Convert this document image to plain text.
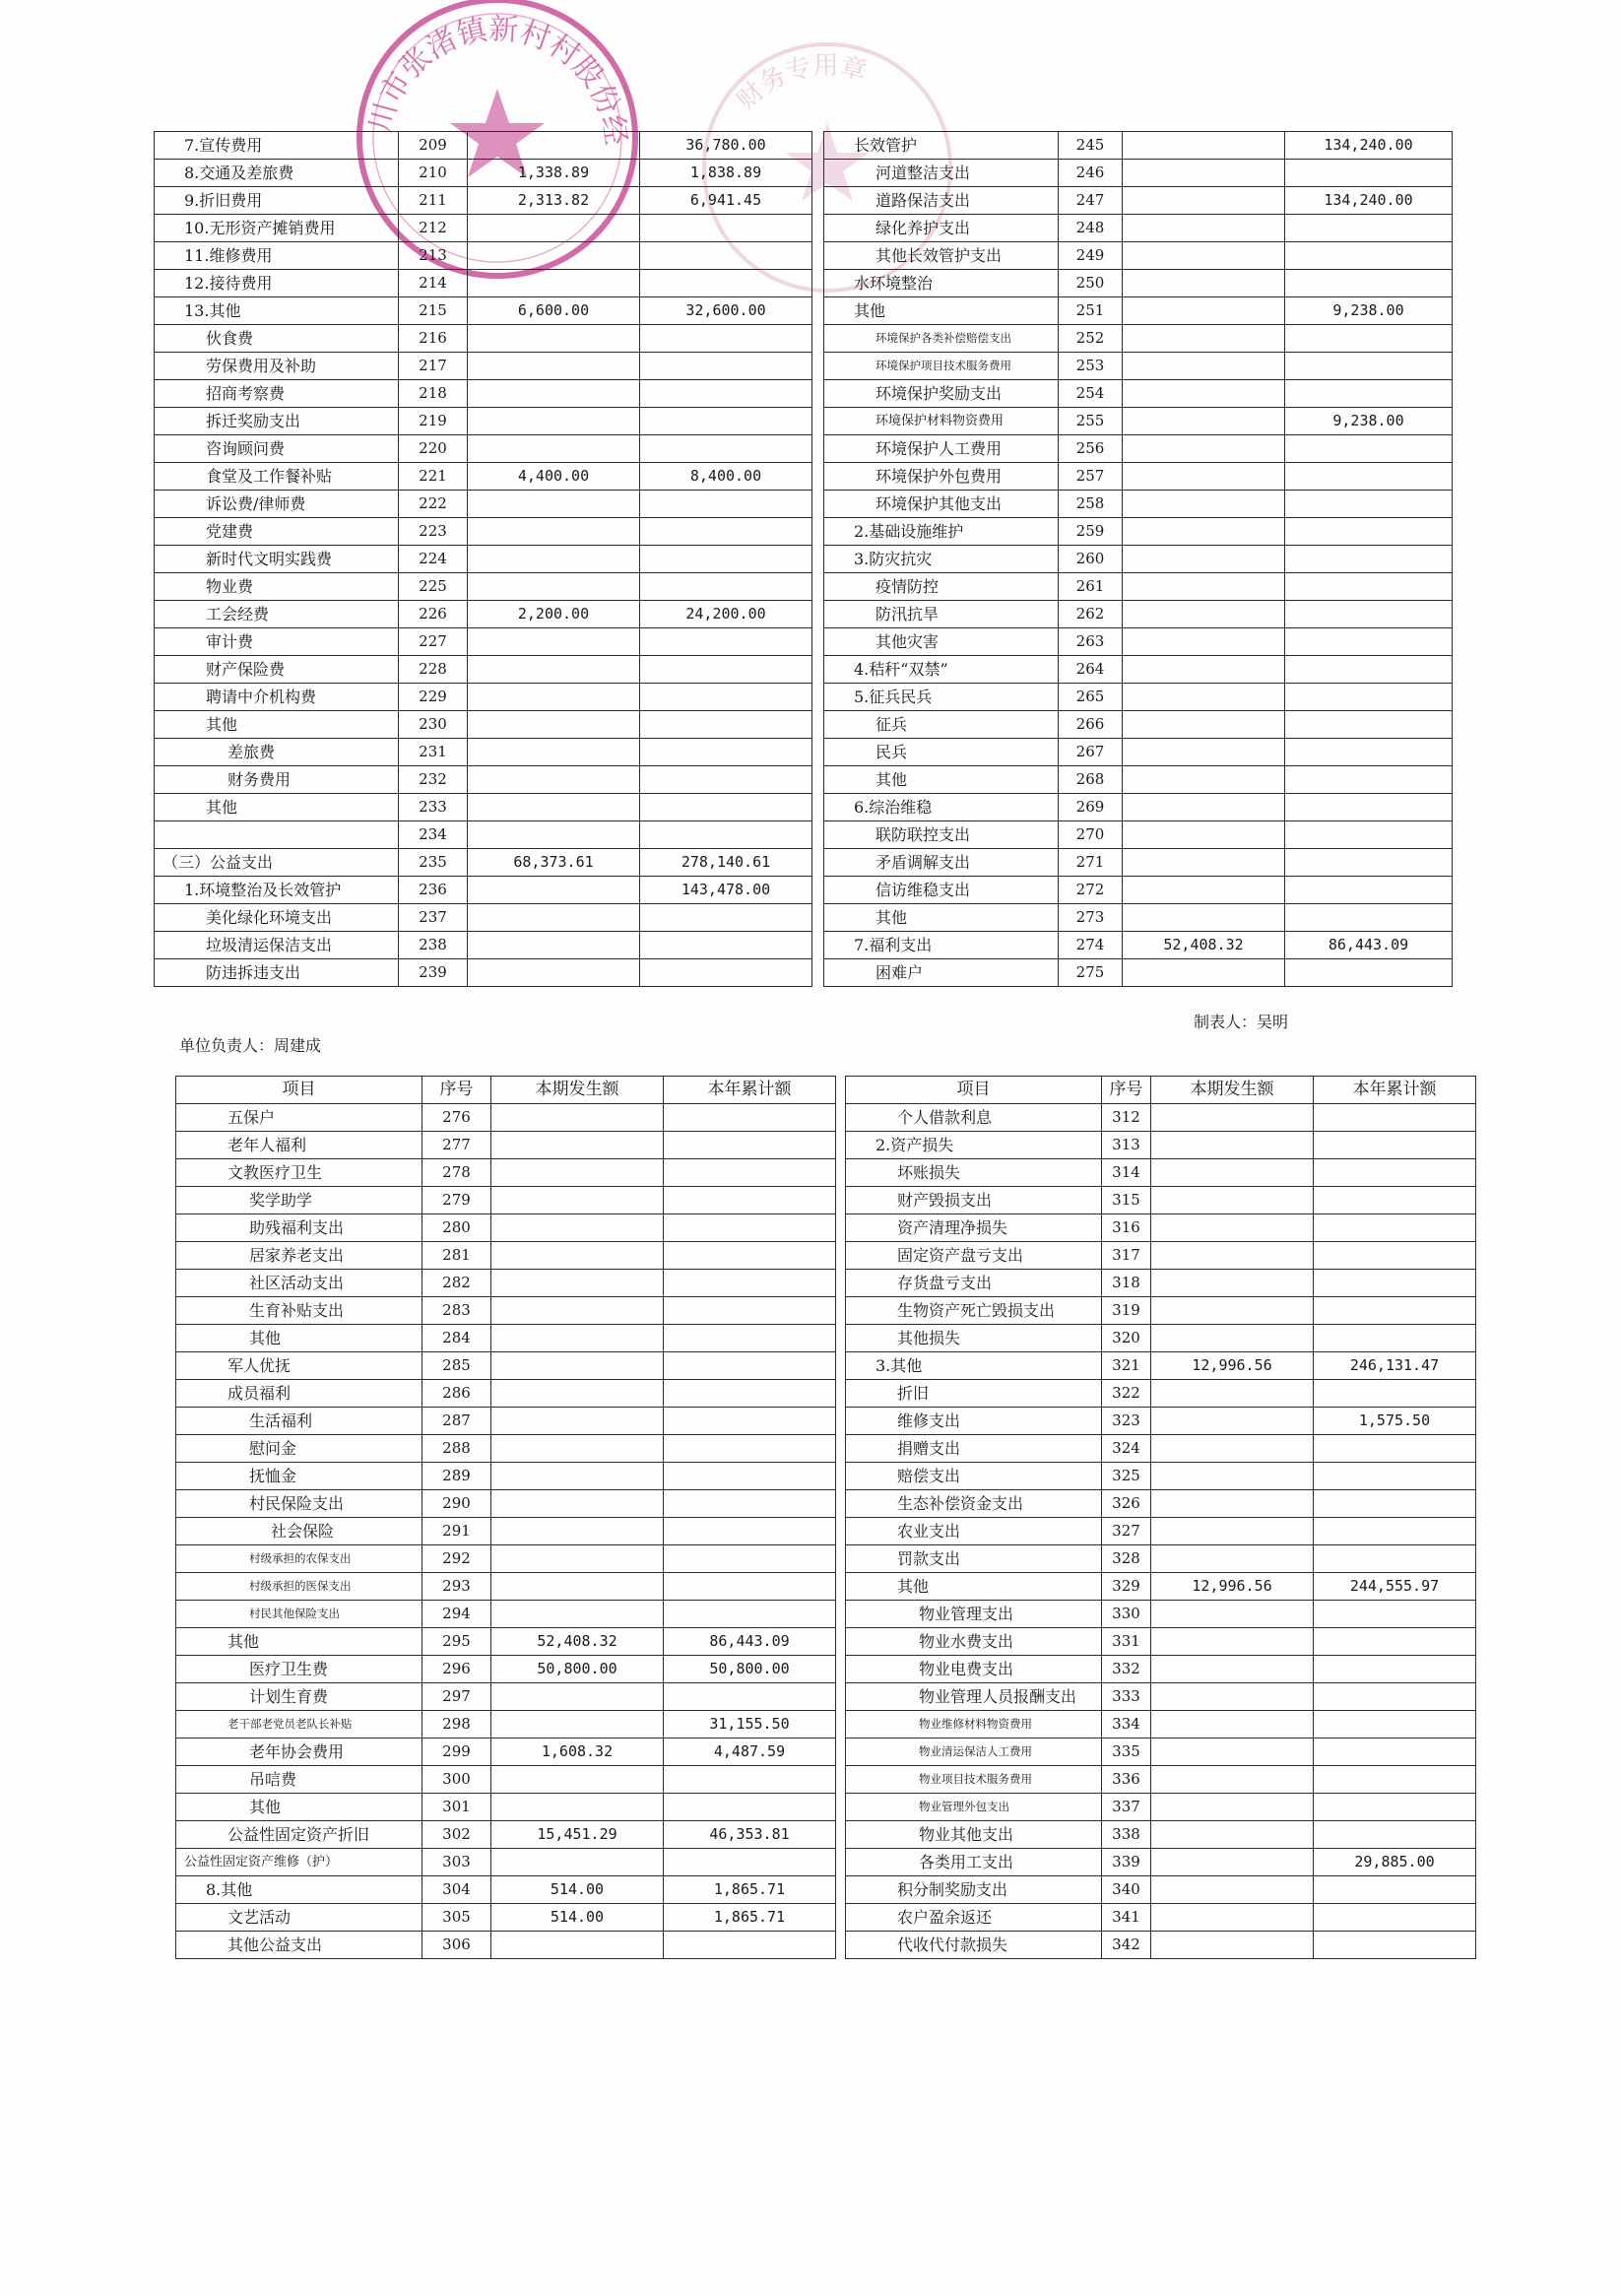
川市张渚镇新村村股份经
财务专用章
7.宣传费用	209		36,780.00		长效管护	245		134,240.00
8.交通及差旅费	210	1,338.89	1,838.89		河道整洁支出	246		
9.折旧费用	211	2,313.82	6,941.45		道路保洁支出	247		134,240.00
10.无形资产摊销费用	212				绿化养护支出	248		
11.维修费用	213				其他长效管护支出	249		
12.接待费用	214				水环境整治	250		
13.其他	215	6,600.00	32,600.00		其他	251		9,238.00
伙食费	216				环境保护各类补偿赔偿支出	252		
劳保费用及补助	217				环境保护项目技术服务费用	253		
招商考察费	218				环境保护奖励支出	254		
拆迁奖励支出	219				环境保护材料物资费用	255		9,238.00
咨询顾问费	220				环境保护人工费用	256		
食堂及工作餐补贴	221	4,400.00	8,400.00		环境保护外包费用	257		
诉讼费/律师费	222				环境保护其他支出	258		
党建费	223				2.基础设施维护	259		
新时代文明实践费	224				3.防灾抗灾	260		
物业费	225				疫情防控	261		
工会经费	226	2,200.00	24,200.00		防汛抗旱	262		
审计费	227				其他灾害	263		
财产保险费	228				4.秸秆“双禁”	264		
聘请中介机构费	229				5.征兵民兵	265		
其他	230				征兵	266		
差旅费	231				民兵	267		
财务费用	232				其他	268		
其他	233				6.综治维稳	269		
	234				联防联控支出	270		
（三）公益支出	235	68,373.61	278,140.61		矛盾调解支出	271		
1.环境整治及长效管护	236		143,478.00		信访维稳支出	272		
美化绿化环境支出	237				其他	273		
垃圾清运保洁支出	238				7.福利支出	274	52,408.32	86,443.09
防违拆违支出	239				困难户	275		
单位负责人：周建成
制表人：吴明
项目	序号	本期发生额	本年累计额		项目	序号	本期发生额	本年累计额
五保户	276				个人借款利息	312		
老年人福利	277				2.资产损失	313		
文教医疗卫生	278				坏账损失	314		
奖学助学	279				财产毁损支出	315		
助残福利支出	280				资产清理净损失	316		
居家养老支出	281				固定资产盘亏支出	317		
社区活动支出	282				存货盘亏支出	318		
生育补贴支出	283				生物资产死亡毁损支出	319		
其他	284				其他损失	320		
军人优抚	285				3.其他	321	12,996.56	246,131.47
成员福利	286				折旧	322		
生活福利	287				维修支出	323		1,575.50
慰问金	288				捐赠支出	324		
抚恤金	289				赔偿支出	325		
村民保险支出	290				生态补偿资金支出	326		
社会保险	291				农业支出	327		
村级承担的农保支出	292				罚款支出	328		
村级承担的医保支出	293				其他	329	12,996.56	244,555.97
村民其他保险支出	294				物业管理支出	330		
其他	295	52,408.32	86,443.09		物业水费支出	331		
医疗卫生费	296	50,800.00	50,800.00		物业电费支出	332		
计划生育费	297				物业管理人员报酬支出	333		
老干部老党员老队长补贴	298		31,155.50		物业维修材料物资费用	334		
老年协会费用	299	1,608.32	4,487.59		物业清运保洁人工费用	335		
吊唁费	300				物业项目技术服务费用	336		
其他	301				物业管理外包支出	337		
公益性固定资产折旧	302	15,451.29	46,353.81		物业其他支出	338		
公益性固定资产维修（护）	303				各类用工支出	339		29,885.00
8.其他	304	514.00	1,865.71		积分制奖励支出	340		
文艺活动	305	514.00	1,865.71		农户盈余返还	341		
其他公益支出	306				代收代付款损失	342		
